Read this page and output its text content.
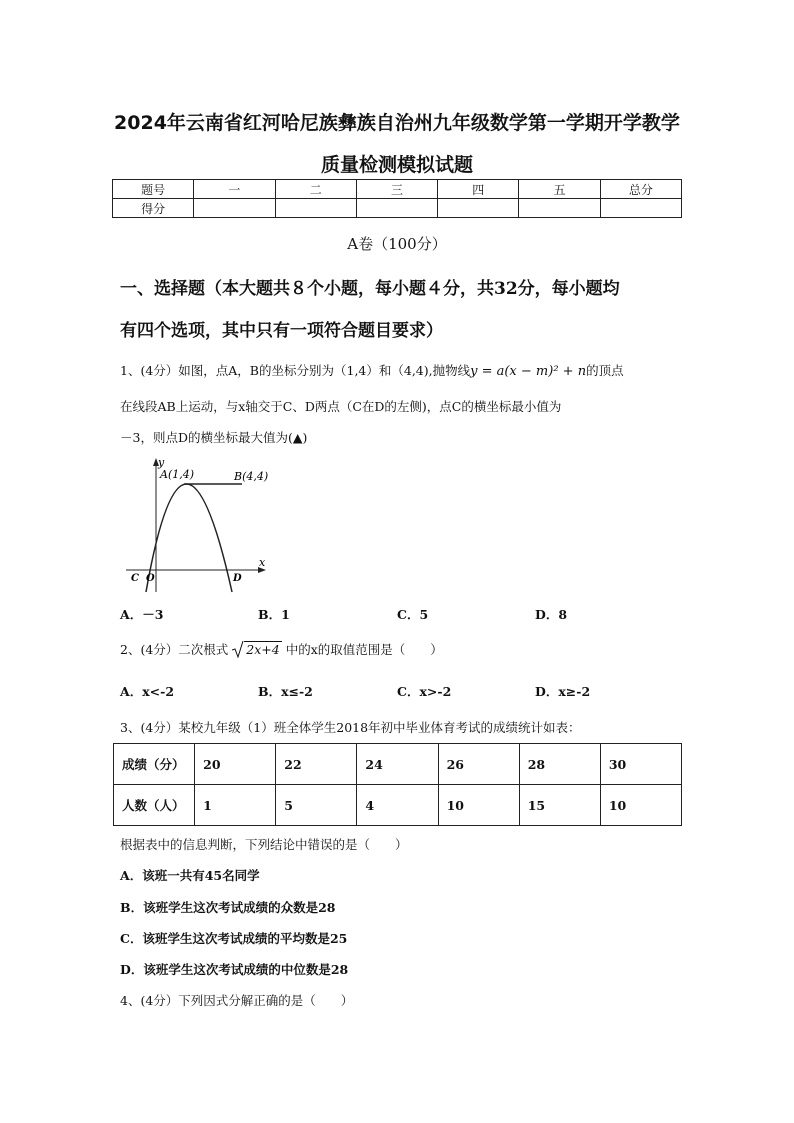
2024年云南省红河哈尼族彝族自治州九年级数学第一学期开学教学
质量检测模拟试题
题号	一	二	三	四	五	总分
得分						
A卷（100分）
一、选择题（本大题共８个小题，每小题４分，共32分，每小题均
有四个选项，其中只有一项符合题目要求）
1、(4分）如图，点A，B的坐标分别为（1,4）和（4,4),抛物线y = a(x − m)² + n的顶点
在线段AB上运动，与x轴交于C、D两点（C在D的左侧)，点C的横坐标最小值为
－3，则点D的横坐标最大值为(▲)
y
x
A(1,4)	B(4,4)
C O	D
A．－3	B．1	C．5	D．8
2、(4分）二次根式 2x+4 中的x的取值范围是（　　）
A．x<-2	B．x≤-2	C．x>-2	D．x≥-2
3、(4分）某校九年级（1）班全体学生2018年初中毕业体育考试的成绩统计如表：
成绩（分）	20	22	24	26	28	30
人数（人）	1	5	4	10	15	10
根据表中的信息判断，下列结论中错误的是（　　）
A．该班一共有45名同学
B．该班学生这次考试成绩的众数是28
C．该班学生这次考试成绩的平均数是25
D．该班学生这次考试成绩的中位数是28
4、(4分）下列因式分解正确的是（　　）
